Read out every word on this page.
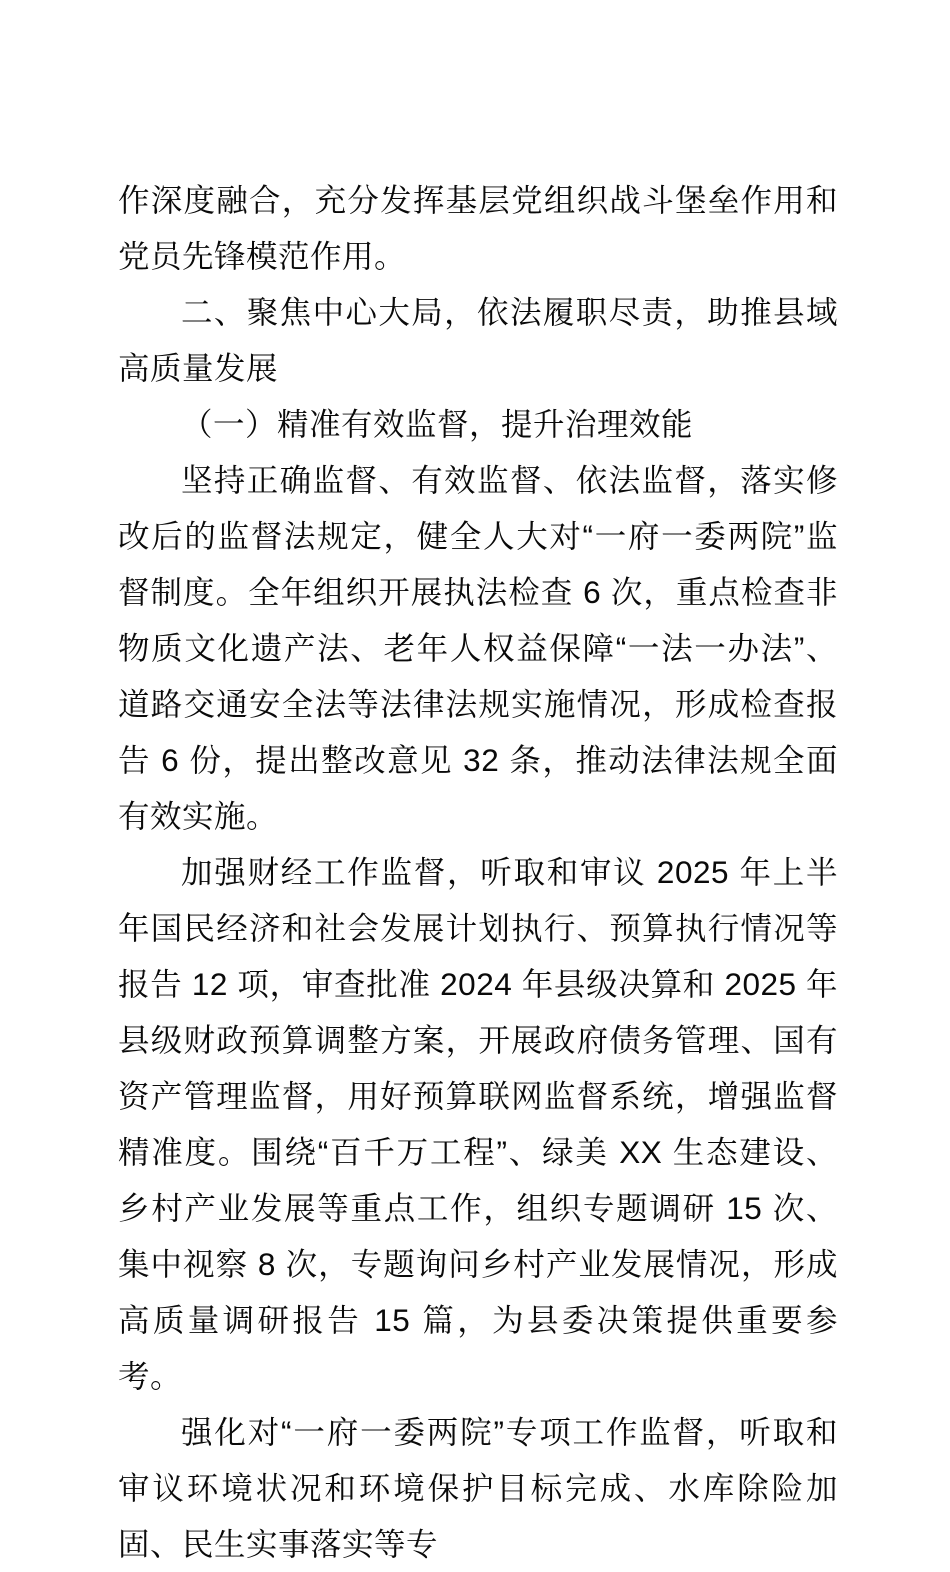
作深度融合，充分发挥基层党组织战斗堡垒作用和党员先锋模范作用。

二、聚焦中心大局，依法履职尽责，助推县域高质量发展

（一）精准有效监督，提升治理效能

坚持正确监督、有效监督、依法监督，落实修改后的监督法规定，健全人大对“一府一委两院”监督制度。全年组织开展执法检查 6 次，重点检查非物质文化遗产法、老年人权益保障“一法一办法”、道路交通安全法等法律法规实施情况，形成检查报告 6 份，提出整改意见 32 条，推动法律法规全面有效实施。

加强财经工作监督，听取和审议 2025 年上半年国民经济和社会发展计划执行、预算执行情况等报告 12 项，审查批准 2024 年县级决算和 2025 年县级财政预算调整方案，开展政府债务管理、国有资产管理监督，用好预算联网监督系统，增强监督精准度。围绕“百千万工程”、绿美 XX 生态建设、乡村产业发展等重点工作，组织专题调研 15 次、集中视察 8 次，专题询问乡村产业发展情况，形成高质量调研报告 15 篇，为县委决策提供重要参考。

强化对“一府一委两院”专项工作监督，听取和审议环境状况和环境保护目标完成、水库除险加固、民生实事落实等专
